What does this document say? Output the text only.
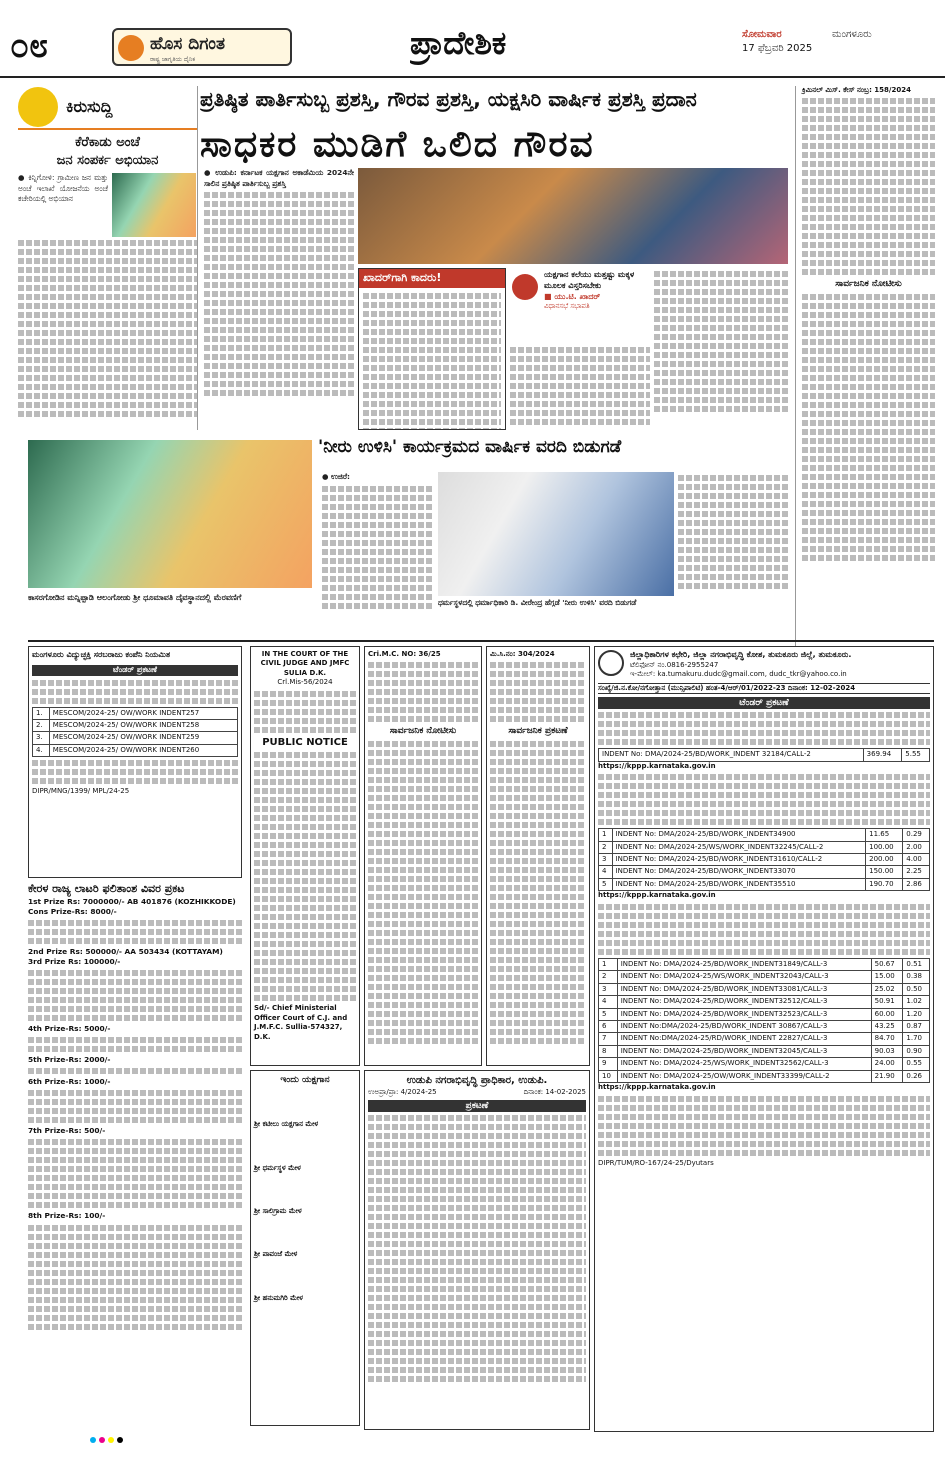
೦೮	ಹೊಸ ದಿಗಂತ
ರಾಷ್ಟ್ರ ಜಾಗೃತಿಯ ದೈನಿಕ	ಪ್ರಾದೇಶಿಕ	ಸೋಮವಾರ
17 ಫೆಬ್ರವರಿ 2025
ಮಂಗಳೂರು
ಕಿರುಸುದ್ದಿ
ಕೆರೆಕಾಡು ಅಂಚೆ
ಜನ ಸಂಪರ್ಕ ಅಭಿಯಾನ
● ಕಿನ್ನಿಗೋಳಿ: ಗ್ರಾಮೀಣ ಜನ ಮತ್ತು ಅಂಚೆ ಇಲಾಖೆ ಯೋಜನೆಯ ಅಂಚೆ ಕಚೇರಿಯಲ್ಲಿ ಅಭಿಯಾನ
ಪ್ರತಿಷ್ಠಿತ ಪಾರ್ತಿಸುಬ್ಬ ಪ್ರಶಸ್ತಿ, ಗೌರವ ಪ್ರಶಸ್ತಿ, ಯಕ್ಷಸಿರಿ ವಾರ್ಷಿಕ ಪ್ರಶಸ್ತಿ ಪ್ರದಾನ
ಸಾಧಕರ ಮುಡಿಗೆ ಒಲಿದ ಗೌರವ
● ಉಡುಪಿ: ಕರ್ನಾಟಕ ಯಕ್ಷಗಾನ ಅಕಾಡೆಮಿಯ 2024ನೇ ಸಾಲಿನ ಪ್ರತಿಷ್ಠಿತ ಪಾರ್ತಿಸುಬ್ಬ ಪ್ರಶಸ್ತಿ
ಖಾದರ್‌ಗಾಗಿ ಕಾದರು!	ಯಕ್ಷಗಾನ ಕಲೆಯು ಮತ್ತಷ್ಟು ಮಕ್ಕಳ ಮೂಲಕ ವಿಸ್ತರಿಸಬೇಕು
■ ಯು.ಟಿ. ಖಾದರ್
ವಿಧಾನಸಭೆ ಸಭಾಪತಿ
ಕ್ರಿಮಿನಲ್ ಮಿಸ್. ಕೇಸ್ ನಂಬ್ರ: 158/2024
ಸಾರ್ವಜನಿಕ ನೋಟೀಸು
ಕಾಸರಗೋಡಿನ ಮನ್ನಿಪ್ಪಾಡಿ ಆಲಂಗೋಡು ಶ್ರೀ ಧೂಮಾವತಿ ದೈವಸ್ಥಾನದಲ್ಲಿ ಮೆರವಣಿಗೆ
'ನೀರು ಉಳಿಸಿ' ಕಾರ್ಯಕ್ರಮದ ವಾರ್ಷಿಕ ವರದಿ ಬಿಡುಗಡೆ
● ಉಜಿರೆ:
ಧರ್ಮಸ್ಥಳದಲ್ಲಿ ಧರ್ಮಾಧಿಕಾರಿ ಡಿ. ವೀರೇಂದ್ರ ಹೆಗ್ಗಡೆ 'ನೀರು ಉಳಿಸಿ' ವರದಿ ಬಿಡುಗಡೆ
ಮಂಗಳೂರು ವಿದ್ಯುಚ್ಛಕ್ತಿ ಸರಬರಾಜು ಕಂಪೆನಿ ನಿಯಮಿತ
ಟೆಂಡರ್ ಪ್ರಕಟಣೆ
1.	MESCOM/2024-25/ OW/WORK INDENT257
2.	MESCOM/2024-25/ OW/WORK INDENT258
3.	MESCOM/2024-25/ OW/WORK INDENT259
4.	MESCOM/2024-25/ OW/WORK INDENT260
DIPR/MNG/1399/ MPL/24-25
ಕೇರಳ ರಾಜ್ಯ ಲಾಟರಿ ಫಲಿತಾಂಶ ವಿವರ ಪ್ರಕಟ
1st Prize Rs: 7000000/- AB 401876 (KOZHIKKODE)
Cons Prize-Rs: 8000/-
2nd Prize Rs: 500000/- AA 503434 (KOTTAYAM)
3rd Prize Rs: 100000/-
4th Prize-Rs: 5000/-
5th Prize-Rs: 2000/-
6th Prize-Rs: 1000/-
7th Prize-Rs: 500/-
8th Prize-Rs: 100/-
IN THE COURT OF THE CIVIL JUDGE AND JMFC SULIA D.K.
Crl.Mis-56/2024
PUBLIC NOTICE
Sd/- Chief Ministerial Officer Court of C.J. and J.M.F.C. Sullia-574327, D.K.
ಇಂದು ಯಕ್ಷಗಾನ
ಶ್ರೀ ಕಟೀಲು ಯಕ್ಷಗಾನ ಮೇಳ
ಶ್ರೀ ಧರ್ಮಸ್ಥಳ ಮೇಳ
ಶ್ರೀ ಸಾಲಿಗ್ರಾಮ ಮೇಳ
ಶ್ರೀ ಪಾವಂಜೆ ಮೇಳ
ಶ್ರೀ ಹನುಮಗಿರಿ ಮೇಳ
Cri.M.C. NO: 36/25
ಸಾರ್ವಜನಿಕ ನೋಟೀಸು
ಮಿ.ಸಿ.ನಂ: 304/2024
ಸಾರ್ವಜನಿಕ ಪ್ರಕಟಣೆ
ಉಡುಪಿ ನಗರಾಭಿವೃದ್ಧಿ ಪ್ರಾಧಿಕಾರ, ಉಡುಪಿ.
ಉಅಪ್ರಾ/ಪ್ರಾ: 4/2024-25	ದಿನಾಂಕ: 14-02-2025
ಪ್ರಕಟಣೆ
ಜಿಲ್ಲಾಧಿಕಾರಿಗಳ ಕಛೇರಿ, ಜಿಲ್ಲಾ ನಗರಾಭಿವೃದ್ಧಿ ಕೋಶ, ತುಮಕೂರು ಜಿಲ್ಲೆ, ತುಮಕೂರು.
ಟೆಲಿಫೋನ್ ನಂ.0816-2955247
ಇ-ಮೇಲ್: ka.tumakuru.dudc@gmail.com, dudc_tkr@yahoo.co.in
ಸಂಖ್ಯೆ/ಜಿ.ನ.ಕೋ/ನಗೋತ್ತಾನ (ಮುನ್ಸಿಪಾಲಿಟಿ) ಹಂತ-4/ಆರ್/01/2022-23 ದಿನಾಂಕ: 12-02-2024
ಟೆಂಡರ್ ಪ್ರಕಟಣೆ
INDENT No: DMA/2024-25/BD/WORK_INDENT 32184/CALL-2	369.94	5.55
https://kppp.karnataka.gov.in
1	INDENT No: DMA/2024-25/BD/WORK_INDENT34900	11.65	0.29
2	INDENT No: DMA/2024-25/WS/WORK_INDENT32245/CALL-2	100.00	2.00
3	INDENT No: DMA/2024-25/BD/WORK_INDENT31610/CALL-2	200.00	4.00
4	INDENT No: DMA/2024-25/BD/WORK_INDENT33070	150.00	2.25
5	INDENT No: DMA/2024-25/BD/WORK_INDENT35510	190.70	2.86
https://kppp.karnataka.gov.in
1	INDENT No: DMA/2024-25/BD/WORK_INDENT31849/CALL-3	50.67	0.51
2	INDENT No: DMA/2024-25/WS/WORK_INDENT32043/CALL-3	15.00	0.38
3	INDENT No: DMA/2024-25/BD/WORK_INDENT33081/CALL-3	25.02	0.50
4	INDENT No: DMA/2024-25/RD/WORK_INDENT32512/CALL-3	50.91	1.02
5	INDENT No: DMA/2024-25/BD/WORK_INDENT32523/CALL-3	60.00	1.20
6	INDENT No:DMA/2024-25/BD/WORK_INDENT 30867/CALL-3	43.25	0.87
7	INDENT No:DMA/2024-25/RD/WORK_INDENT 22827/CALL-3	84.70	1.70
8	INDENT No: DMA/2024-25/BD/WORK_INDENT32045/CALL-3	90.03	0.90
9	INDENT No: DMA/2024-25/WS/WORK_INDENT32562/CALL-3	24.00	0.55
10	INDENT No: DMA/2024-25/OW/WORK_INDENT33399/CALL-2	21.90	0.26
https://kppp.karnataka.gov.in
DIPR/TUM/RO-167/24-25/Dyutars
